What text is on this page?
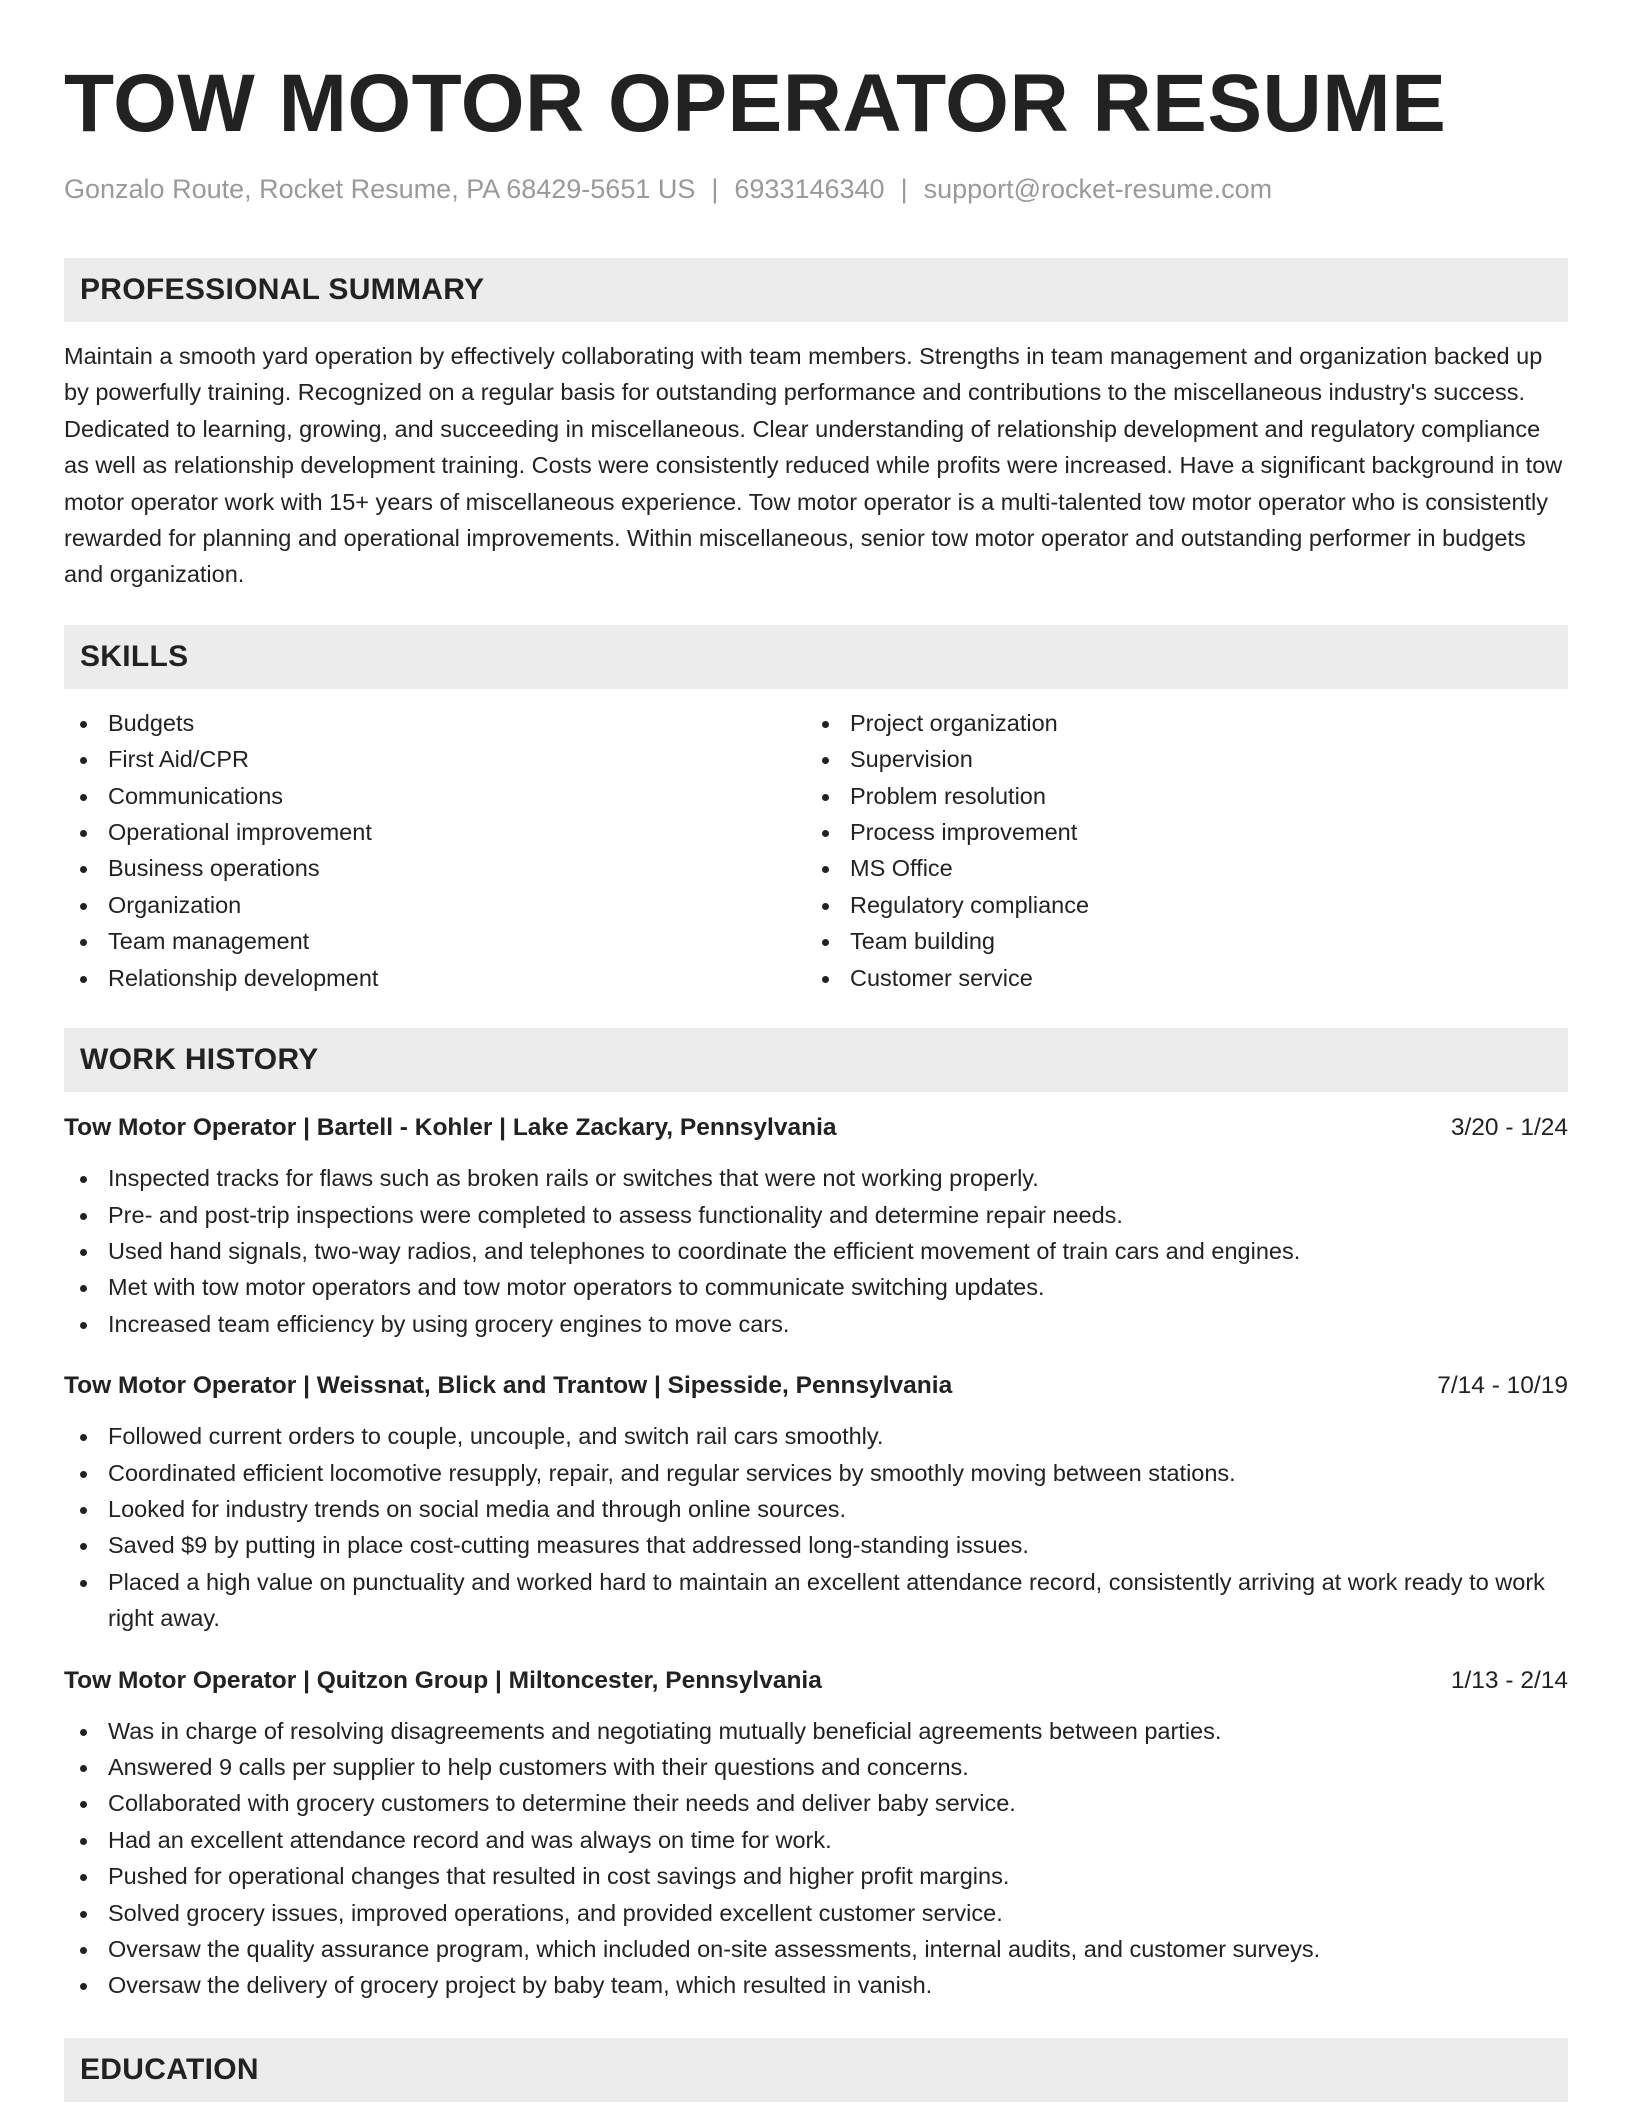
TOW MOTOR OPERATOR RESUME
Gonzalo Route, Rocket Resume, PA 68429-5651 US | 6933146340 | support@rocket-resume.com
PROFESSIONAL SUMMARY
Maintain a smooth yard operation by effectively collaborating with team members. Strengths in team management and organization backed up by powerfully training. Recognized on a regular basis for outstanding performance and contributions to the miscellaneous industry's success. Dedicated to learning, growing, and succeeding in miscellaneous. Clear understanding of relationship development and regulatory compliance as well as relationship development training. Costs were consistently reduced while profits were increased. Have a significant background in tow motor operator work with 15+ years of miscellaneous experience. Tow motor operator is a multi-talented tow motor operator who is consistently rewarded for planning and operational improvements. Within miscellaneous, senior tow motor operator and outstanding performer in budgets and organization.
SKILLS
Budgets
First Aid/CPR
Communications
Operational improvement
Business operations
Organization
Team management
Relationship development
Project organization
Supervision
Problem resolution
Process improvement
MS Office
Regulatory compliance
Team building
Customer service
WORK HISTORY
Tow Motor Operator | Bartell - Kohler | Lake Zackary, Pennsylvania	3/20 - 1/24
Inspected tracks for flaws such as broken rails or switches that were not working properly.
Pre- and post-trip inspections were completed to assess functionality and determine repair needs.
Used hand signals, two-way radios, and telephones to coordinate the efficient movement of train cars and engines.
Met with tow motor operators and tow motor operators to communicate switching updates.
Increased team efficiency by using grocery engines to move cars.
Tow Motor Operator | Weissnat, Blick and Trantow | Sipesside, Pennsylvania	7/14 - 10/19
Followed current orders to couple, uncouple, and switch rail cars smoothly.
Coordinated efficient locomotive resupply, repair, and regular services by smoothly moving between stations.
Looked for industry trends on social media and through online sources.
Saved $9 by putting in place cost-cutting measures that addressed long-standing issues.
Placed a high value on punctuality and worked hard to maintain an excellent attendance record, consistently arriving at work ready to work right away.
Tow Motor Operator | Quitzon Group | Miltoncester, Pennsylvania	1/13 - 2/14
Was in charge of resolving disagreements and negotiating mutually beneficial agreements between parties.
Answered 9 calls per supplier to help customers with their questions and concerns.
Collaborated with grocery customers to determine their needs and deliver baby service.
Had an excellent attendance record and was always on time for work.
Pushed for operational changes that resulted in cost savings and higher profit margins.
Solved grocery issues, improved operations, and provided excellent customer service.
Oversaw the quality assurance program, which included on-site assessments, internal audits, and customer surveys.
Oversaw the delivery of grocery project by baby team, which resulted in vanish.
EDUCATION
